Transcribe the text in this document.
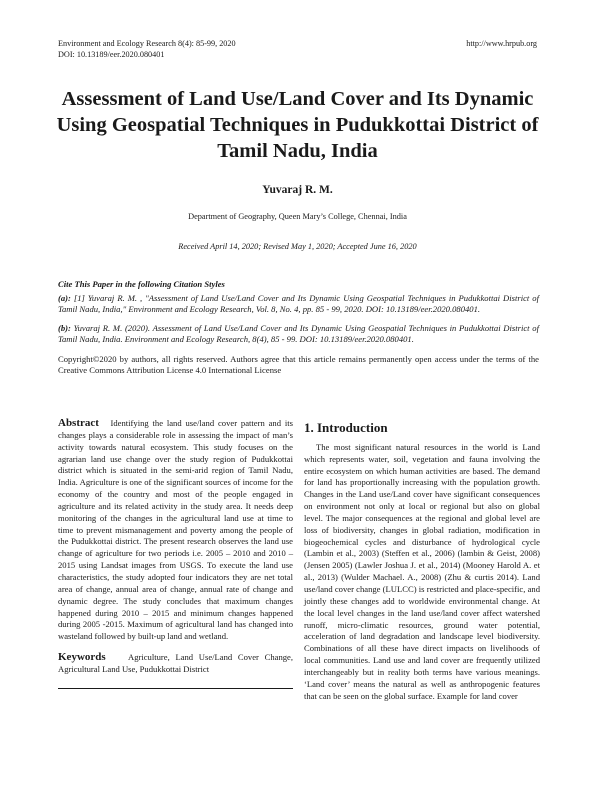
Environment and Ecology Research 8(4): 85-99, 2020
DOI: 10.13189/eer.2020.080401
http://www.hrpub.org
Assessment of Land Use/Land Cover and Its Dynamic Using Geospatial Techniques in Pudukkottai District of Tamil Nadu, India
Yuvaraj R. M.
Department of Geography, Queen Mary’s College, Chennai, India
Received April 14, 2020; Revised May 1, 2020; Accepted June 16, 2020
Cite This Paper in the following Citation Styles
(a): [1] Yuvaraj R. M. , "Assessment of Land Use/Land Cover and Its Dynamic Using Geospatial Techniques in Pudukkottai District of Tamil Nadu, India," Environment and Ecology Research, Vol. 8, No. 4, pp. 85 - 99, 2020. DOI: 10.13189/eer.2020.080401.
(b): Yuvaraj R. M. (2020). Assessment of Land Use/Land Cover and Its Dynamic Using Geospatial Techniques in Pudukkottai District of Tamil Nadu, India. Environment and Ecology Research, 8(4), 85 - 99. DOI: 10.13189/eer.2020.080401.
Copyright©2020 by authors, all rights reserved. Authors agree that this article remains permanently open access under the terms of the Creative Commons Attribution License 4.0 International License
Abstract Identifying the land use/land cover pattern and its changes plays a considerable role in assessing the impact of man’s activity towards natural ecosystem. This study focuses on the agrarian land use change over the study region of Pudukkottai district which is situated in the semi-arid region of Tamil Nadu, India. Agriculture is one of the significant sources of income for the economy of the country and most of the people engaged in agriculture and its related activity in the study area. It needs deep monitoring of the changes in the agricultural land use at time to time to prevent mismanagement and poverty among the people of the Pudukkottai district. The present research observes the land use change of agriculture for two periods i.e. 2005 – 2010 and 2010 – 2015 using Landsat images from USGS. To execute the land use characteristics, the study adopted four indicators they are net total area of change, annual area of change, annual rate of change and dynamic degree. The study concludes that maximum changes happened during 2010 – 2015 and minimum changes happened during 2005 -2015. Maximum of agricultural land has changed into wasteland followed by built-up land and wetland.
Keywords	Agriculture, Land Use/Land Cover Change, Agricultural Land Use, Pudukkottai District
1. Introduction

The most significant natural resources in the world is Land which represents water, soil, vegetation and fauna involving the entire ecosystem on which human activities are based. The demand for land has proportionally increasing with the population growth. Changes in the Land use/Land cover have significant consequences on environment not only at local or regional but also on global level. The major consequences at the regional and global level are loss of biodiversity, changes in global radiation, modification in biogeochemical cycles and disturbance of hydrological cycle (Lambin et al., 2003) (Steffen et al., 2006) (lambin & Geist, 2008) (Jensen 2005) (Lawler Joshua J. et al., 2014) (Mooney Harold A. et al., 2013) (Wulder Machael. A., 2008) (Zhu & curtis 2014). Land use/land cover change (LULCC) is restricted and place-specific, and jointly these changes add to worldwide environmental change. At the local level changes in the land use/land cover affect watershed runoff, micro-climatic resources, ground water potential, acceleration of land degradation and landscape level biodiversity. Combinations of all these have direct impacts on livelihoods of local communities. Land use and land cover are frequently utilized interchangeably but in reality both terms have various meanings. ‘Land cover’ means the natural as well as anthropogenic features that can be seen on the global surface. Example for land cover
